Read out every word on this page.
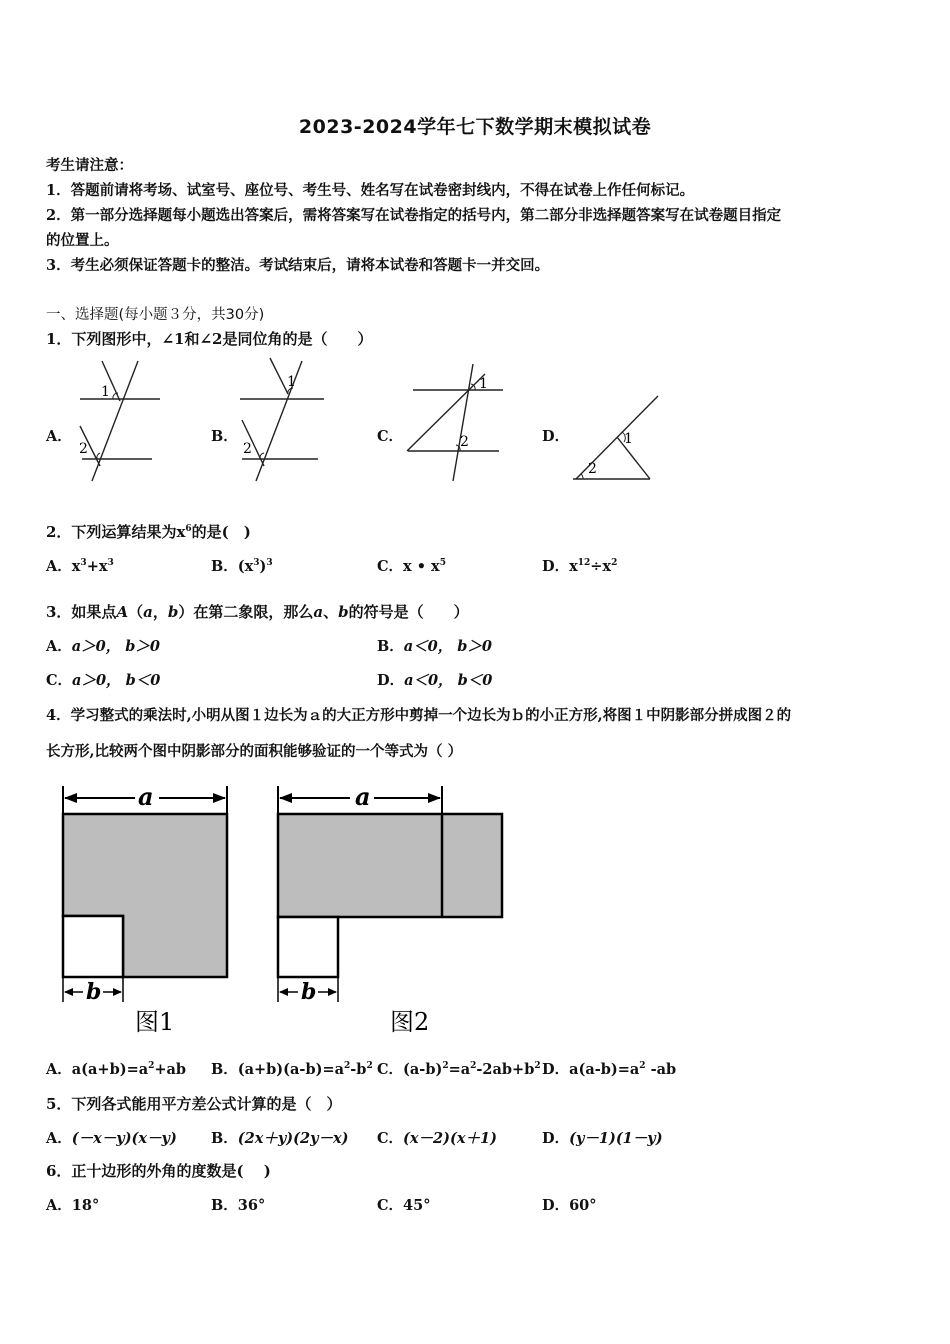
2023-2024学年七下数学期末模拟试卷
考生请注意：
1．答题前请将考场、试室号、座位号、考生号、姓名写在试卷密封线内，不得在试卷上作任何标记。
2．第一部分选择题每小题选出答案后，需将答案写在试卷指定的括号内，第二部分非选择题答案写在试卷题目指定
的位置上。
3．考生必须保证答题卡的整洁。考试结束后，请将本试卷和答题卡一并交回。
一、选择题(每小题３分，共30分)
1．下列图形中，∠1和∠2是同位角的是（　　）
A．	B．	C．	D．
1
2
1
2
1
2	1
2
2．下列运算结果为$x^6$的是(　)
A．$x^3+x^3$	B．$(x^3)^3$	C．x • $x^5$	D．$x^{12}\div x^2$
3．如果点A（a，b）在第二象限，那么a、b的符号是（　　）
A．a＞0， b＞0	B．a＜0， b＞0
C．a＞0， b＜0	D．a＜0， b＜0
4．学习整式的乘法时,小明从图１边长为ａ的大正方形中剪掉一个边长为ｂ的小正方形,将图１中阴影部分拼成图２的
长方形,比较两个图中阴影部分的面积能够验证的一个等式为（ ）
a
b
图1
a
b
图2
A．$a(a+b)=a^2+ab$ B．$(a+b)(a-b)=a^2-b^2$ C．$(a-b)^2=a^2-2ab+b^2$ D．$a(a-b)=a^2$ -ab
5．下列各式能用平方差公式计算的是（　）
A．(－x－y)(x－y) B．(2x＋y)(2y－x) C．(x－2)(x＋1)	D．(y－1)(1－y)
6．正十边形的外角的度数是(　 )
A．18°	B．36°	C．45°	D．60°
